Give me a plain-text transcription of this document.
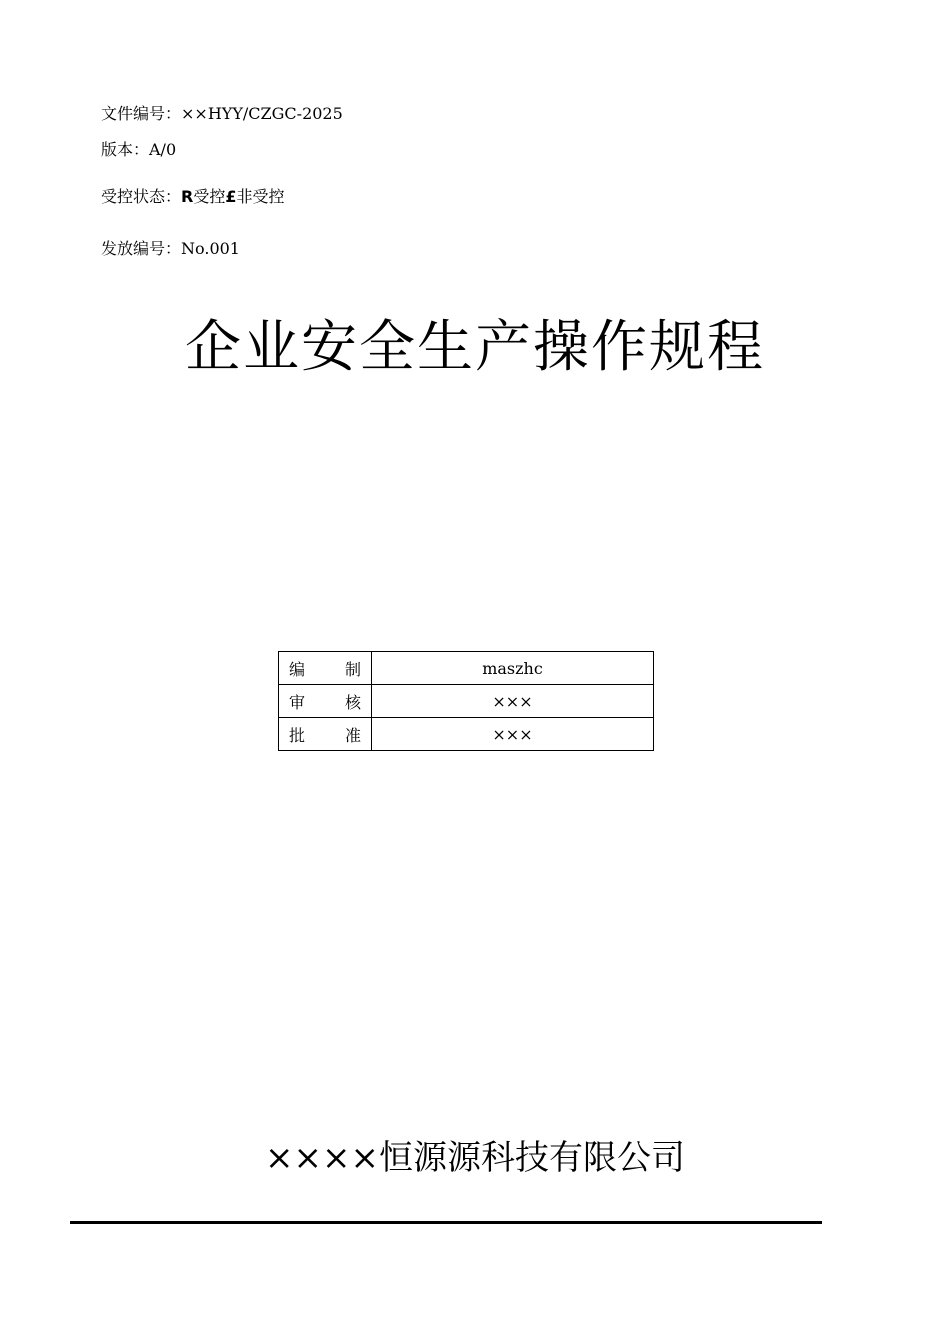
文件编号：××HYY/CZGC-2025
版本：A/0
受控状态：R受控£非受控
发放编号：No.001
企业安全生产操作规程
编 制	maszhc

审 核	×××

批 准	×××
××××恒源源科技有限公司
